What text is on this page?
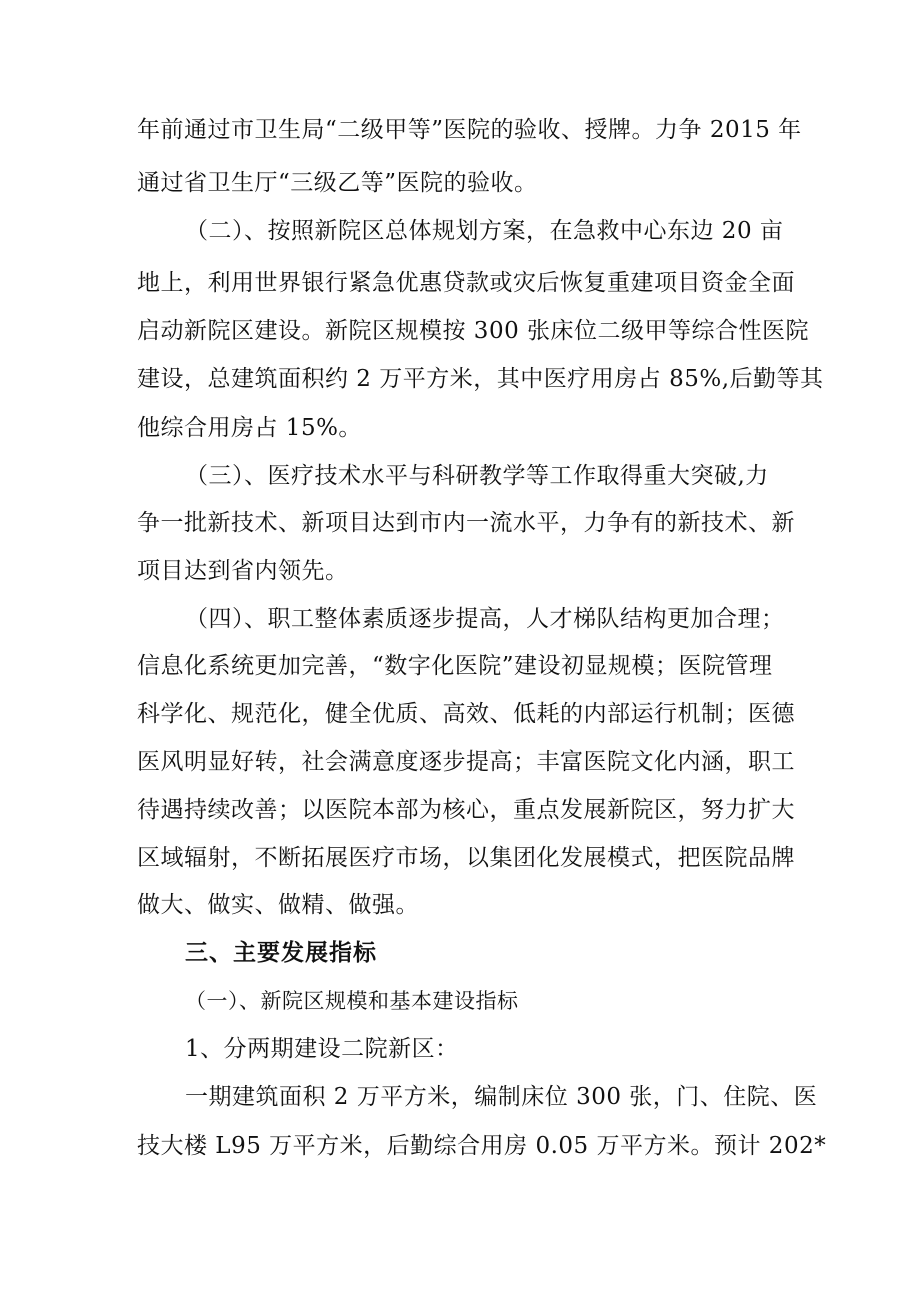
年前通过市卫生局“二级甲等”医院的验收、授牌。力争 2015 年
通过省卫生厅“三级乙等”医院的验收。
（二）、按照新院区总体规划方案，在急救中心东边 20 亩
地上，利用世界银行紧急优惠贷款或灾后恢复重建项目资金全面
启动新院区建设。新院区规模按 300 张床位二级甲等综合性医院
建设，总建筑面积约 2 万平方米，其中医疗用房占 85%,后勤等其
他综合用房占 15%。
（三）、医疗技术水平与科研教学等工作取得重大突破,力
争一批新技术、新项目达到市内一流水平，力争有的新技术、新
项目达到省内领先。
（四）、职工整体素质逐步提高，人才梯队结构更加合理；
信息化系统更加完善，“数字化医院”建设初显规模；医院管理
科学化、规范化，健全优质、高效、低耗的内部运行机制；医德
医风明显好转，社会满意度逐步提高；丰富医院文化内涵，职工
待遇持续改善；以医院本部为核心，重点发展新院区，努力扩大
区域辐射，不断拓展医疗市场，以集团化发展模式，把医院品牌
做大、做实、做精、做强。
三、主要发展指标
（一）、新院区规模和基本建设指标
1、分两期建设二院新区：
一期建筑面积 2 万平方米，编制床位 300 张，门、住院、医
技大楼 L95 万平方米，后勤综合用房 0.05 万平方米。预计 202*
